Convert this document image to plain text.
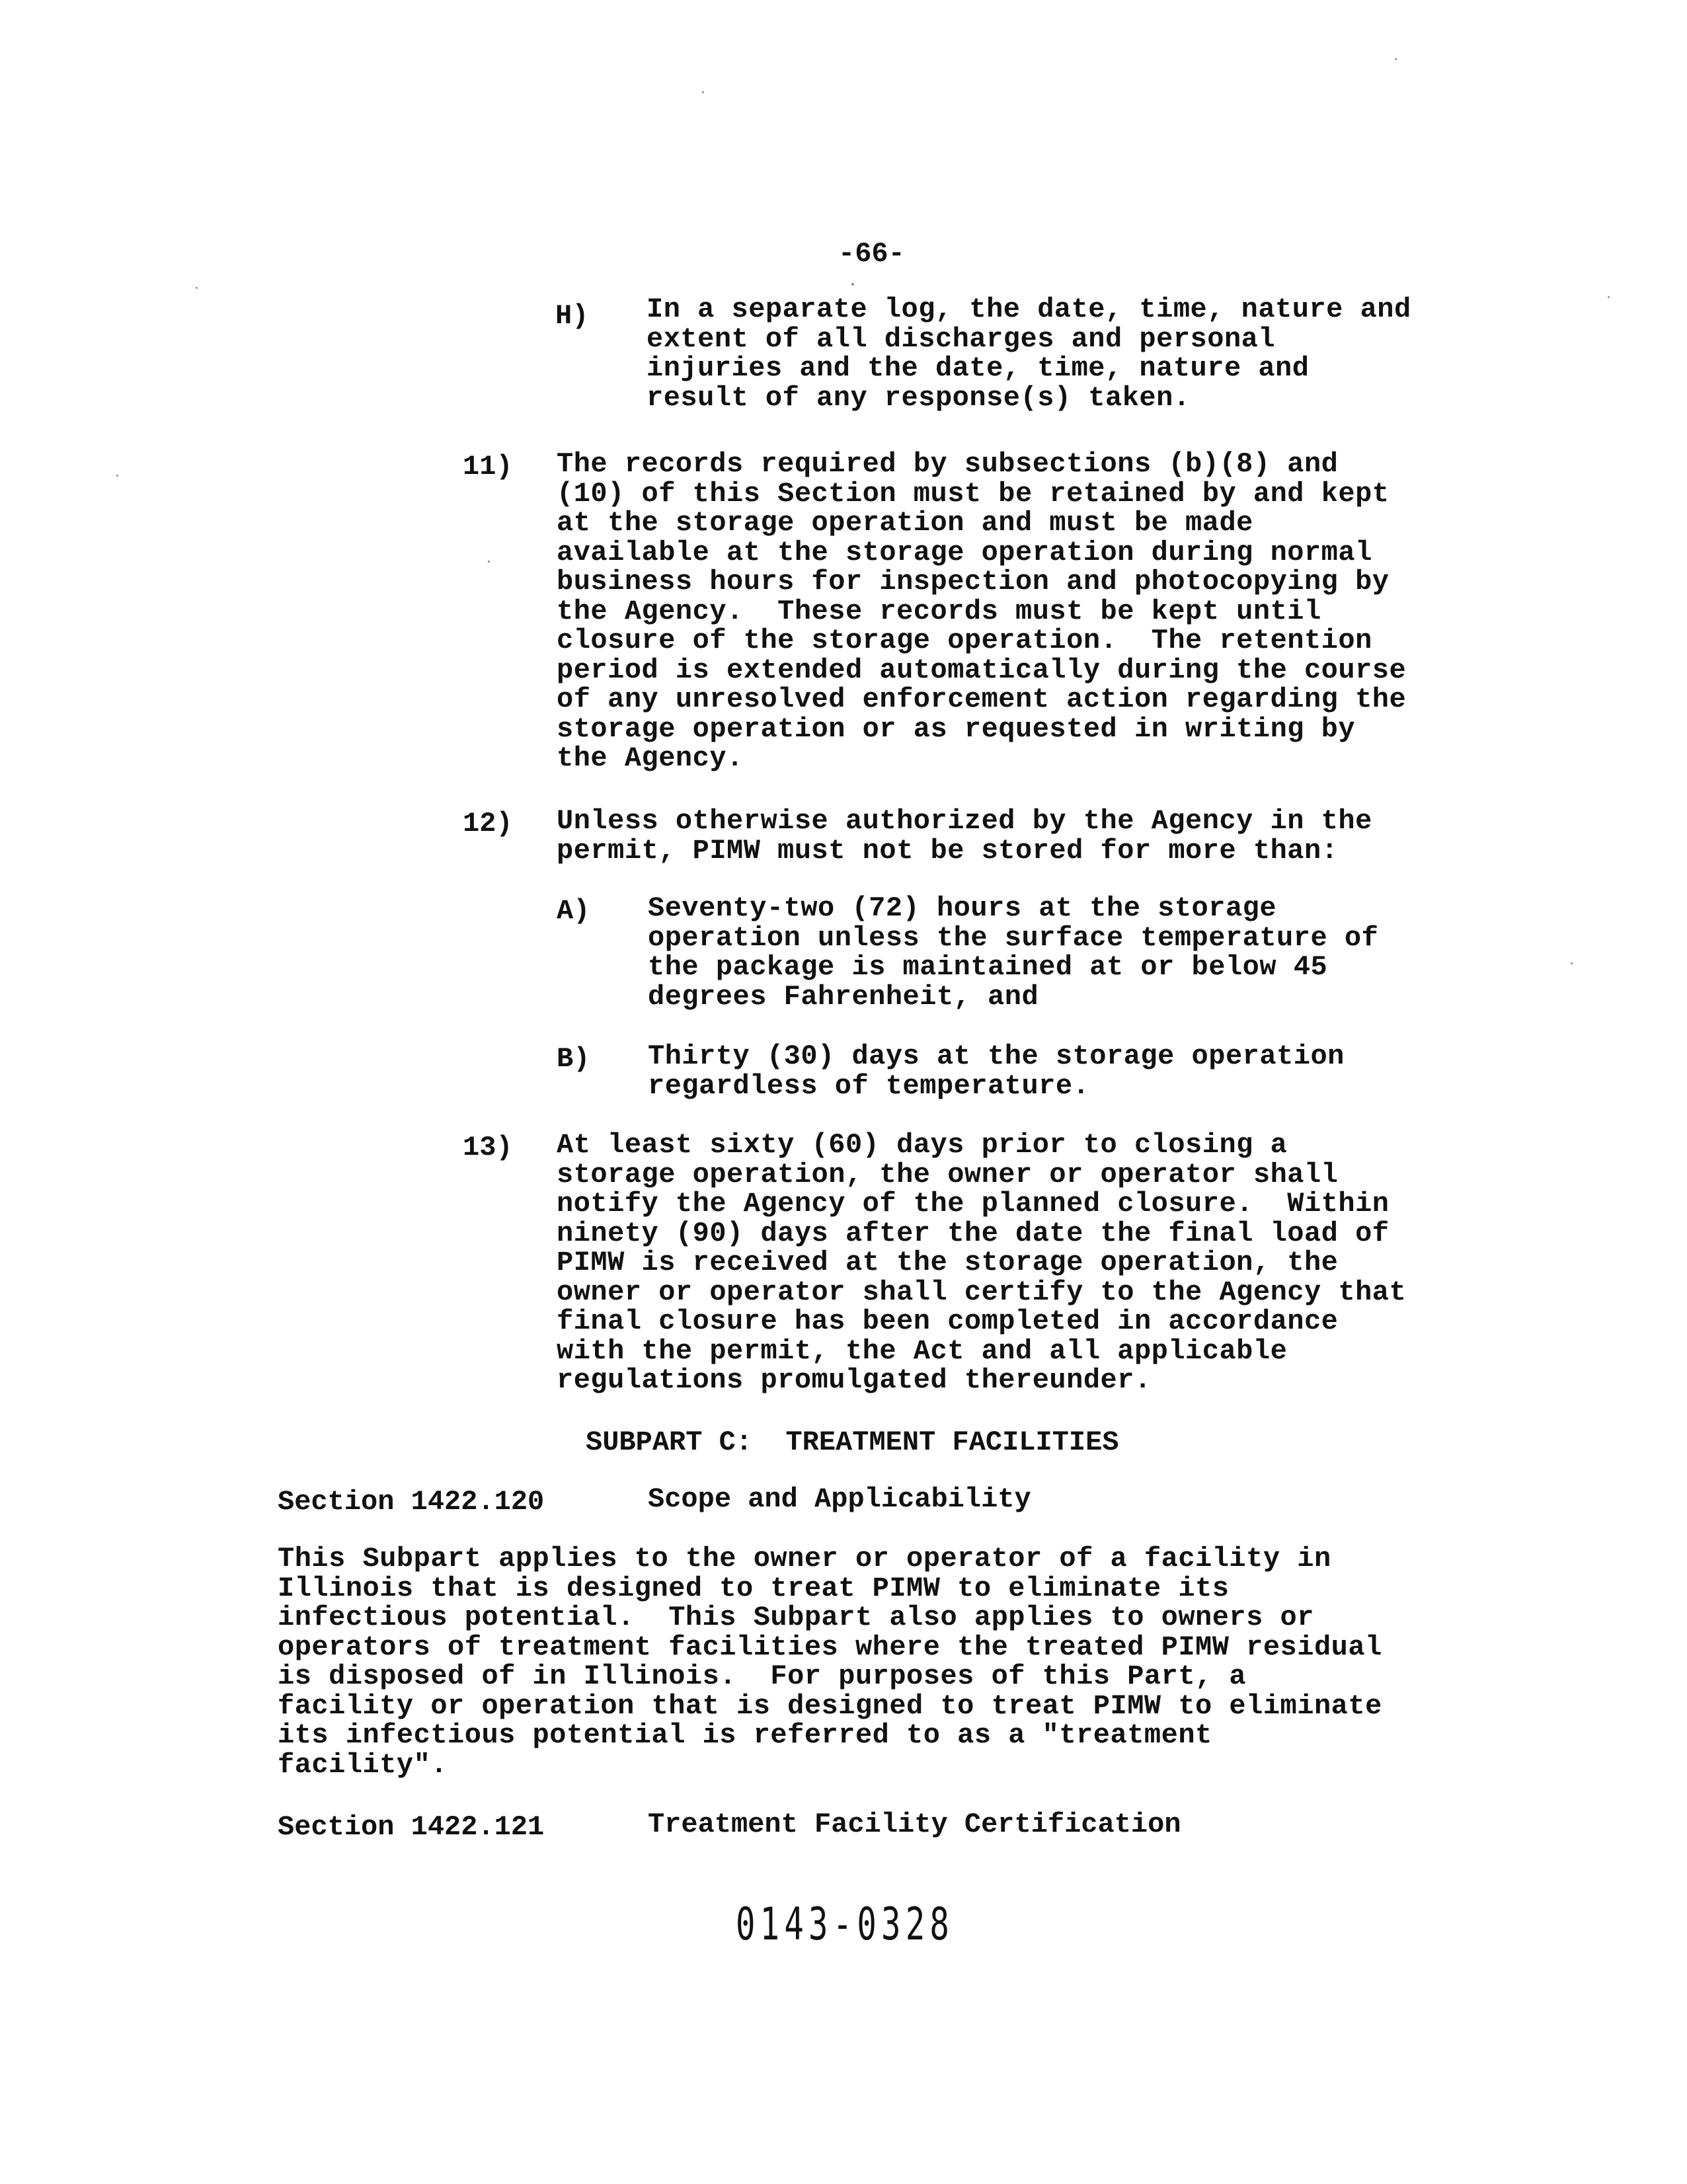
-66-
H) In a separate log, the date, time, nature and
extent of all discharges and personal
injuries and the date, time, nature and
result of any response(s) taken.
11) The records required by subsections (b)(8) and
(10) of this Section must be retained by and kept
at the storage operation and must be made
available at the storage operation during normal
business hours for inspection and photocopying by
the Agency.  These records must be kept until
closure of the storage operation.  The retention
period is extended automatically during the course
of any unresolved enforcement action regarding the
storage operation or as requested in writing by
the Agency.
12) Unless otherwise authorized by the Agency in the
permit, PIMW must not be stored for more than:
A) Seventy-two (72) hours at the storage
operation unless the surface temperature of
the package is maintained at or below 45
degrees Fahrenheit, and
B) Thirty (30) days at the storage operation
regardless of temperature.
13) At least sixty (60) days prior to closing a
storage operation, the owner or operator shall
notify the Agency of the planned closure.  Within
ninety (90) days after the date the final load of
PIMW is received at the storage operation, the
owner or operator shall certify to the Agency that
final closure has been completed in accordance
with the permit, the Act and all applicable
regulations promulgated thereunder.
SUBPART C:  TREATMENT FACILITIES
Section 1422.120	Scope and Applicability
This Subpart applies to the owner or operator of a facility in
Illinois that is designed to treat PIMW to eliminate its
infectious potential.  This Subpart also applies to owners or
operators of treatment facilities where the treated PIMW residual
is disposed of in Illinois.  For purposes of this Part, a
facility or operation that is designed to treat PIMW to eliminate
its infectious potential is referred to as a "treatment
facility".
Section 1422.121	Treatment Facility Certification
0143-0328
